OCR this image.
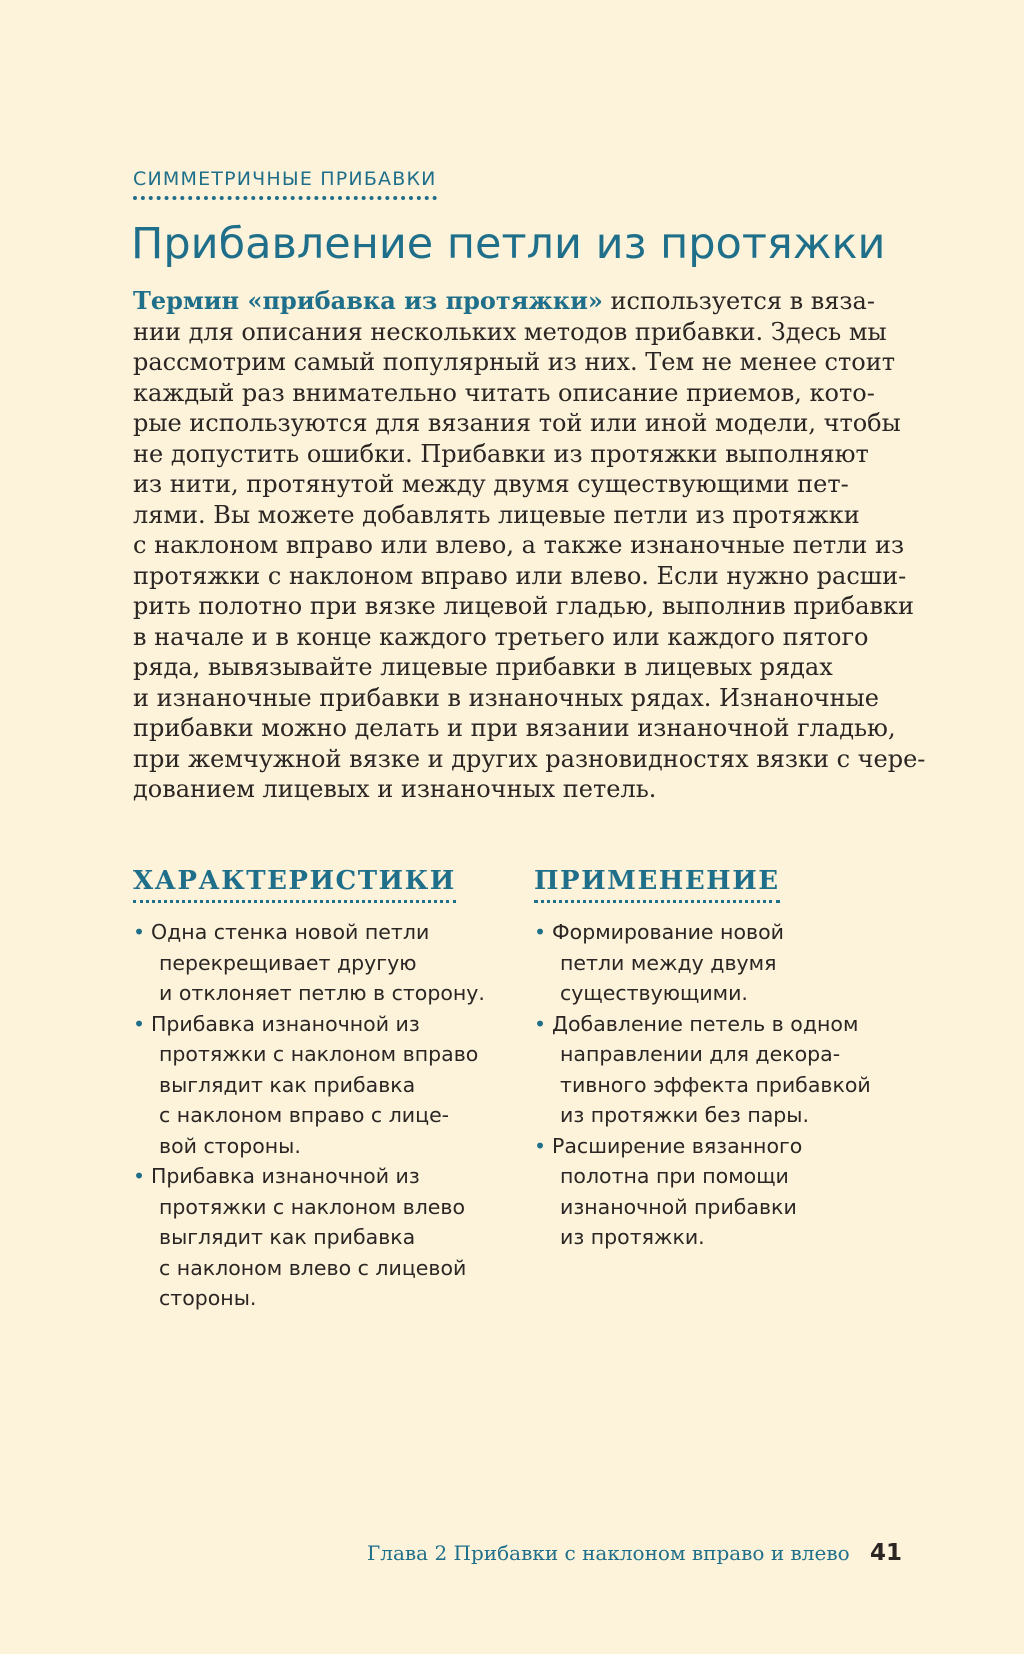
СИММЕТРИЧНЫЕ ПРИБАВКИ
Прибавление петли из протяжки

Термин «прибавка из протяжки» используется в вяза-
нии для описания нескольких методов прибавки. Здесь мы
рассмотрим самый популярный из них. Тем не менее стоит
каждый раз внимательно читать описание приемов, кото-
рые используются для вязания той или иной модели, чтобы
не допустить ошибки. Прибавки из протяжки выполняют
из нити, протянутой между двумя существующими пет-
лями. Вы можете добавлять лицевые петли из протяжки
с наклоном вправо или влево, а также изнаночные петли из
протяжки с наклоном вправо или влево. Если нужно расши-
рить полотно при вязке лицевой гладью, выполнив прибавки
в начале и в конце каждого третьего или каждого пятого
ряда, вывязывайте лицевые прибавки в лицевых рядах
и изнаночные прибавки в изнаночных рядах. Изнаночные
прибавки можно делать и при вязании изнаночной гладью,
при жемчужной вязке и других разновидностях вязки с чере-
дованием лицевых и изнаночных петель.

ХАРАКТЕРИСТИКИ
• Одна стенка новой петли
перекрещивает другую
и отклоняет петлю в сторону.
• Прибавка изнаночной из
протяжки с наклоном вправо
выглядит как прибавка
с наклоном вправо с лице-
вой стороны.
• Прибавка изнаночной из
протяжки с наклоном влево
выглядит как прибавка
с наклоном влево с лицевой
стороны.
ПРИМЕНЕНИЕ
• Формирование новой
петли между двумя
существующими.
• Добавление петель в одном
направлении для декора-
тивного эффекта прибавкой
из протяжки без пары.
• Расширение вязанного
полотна при помощи
изнаночной прибавки
из протяжки.
Глава 2 Прибавки с наклоном вправо и влево 41
